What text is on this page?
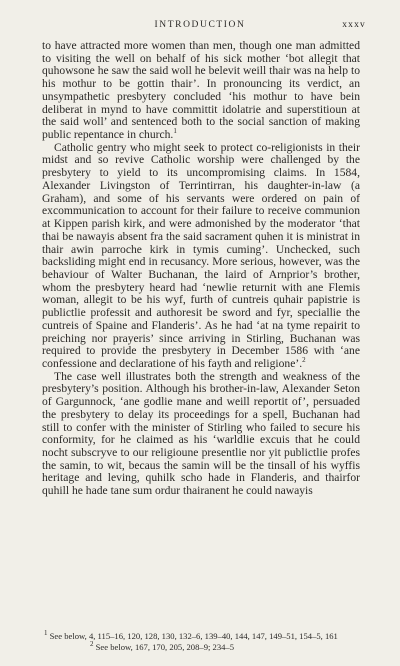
INTRODUCTION	xxxv

to have attracted more women than men, though one man admitted to visiting the well on behalf of his sick mother ‘bot allegit that quhowsone he saw the said woll he belevit weill thair was na help to his mothur to be gottin thair’. In pronouncing its verdict, an unsympathetic presbytery concluded ‘his mothur to have bein deliberat in mynd to have committit idolatrie and superstitioun at the said woll’ and sentenced both to the social sanction of making public repentance in church.$^1$

Catholic gentry who might seek to protect co-religionists in their midst and so revive Catholic worship were challenged by the presbytery to yield to its uncompromising claims. In 1584, Alexander Livingston of Terrintirran, his daughter-in-law (a Graham), and some of his servants were ordered on pain of excommunication to account for their failure to receive communion at Kippen parish kirk, and were admonished by the moderator ‘that thai be nawayis absent fra the said sacrament quhen it is ministrat in thair awin parroche kirk in tymis cuming’. Unchecked, such backsliding might end in recusancy. More serious, however, was the behaviour of Walter Buchanan, the laird of Arnprior’s brother, whom the presbytery heard had ‘newlie returnit with ane Flemis woman, allegit to be his wyf, furth of cuntreis quhair papistrie is publictlie professit and authoresit be sword and fyr, speciallie the cuntreis of Spaine and Flanderis’. As he had ‘at na tyme repairit to preiching nor prayeris’ since arriving in Stirling, Buchanan was required to provide the presbytery in December 1586 with ‘ane confessione and declaratione of his fayth and religione’.$^2$

The case well illustrates both the strength and weakness of the presbytery’s position. Although his brother-in-law, Alexander Seton of Gargunnock, ‘ane godlie mane and weill reportit of’, persuaded the presbytery to delay its proceedings for a spell, Buchanan had still to confer with the minister of Stirling who failed to secure his conformity, for he claimed as his ‘warldlie excuis that he could nocht subscryve to our religioune presentlie nor yit publictlie profes the samin, to wit, becaus the samin will be the tinsall of his wyffis heritage and leving, quhilk scho hade in Flanderis, and thairfor quhill he hade tane sum ordur thairanent he could nawayis

$^1$ See below, 4, 115–16, 120, 128, 130, 132–6, 139–40, 144, 147, 149–51, 154–5, 161
$^2$ See below, 167, 170, 205, 208–9; 234–5
